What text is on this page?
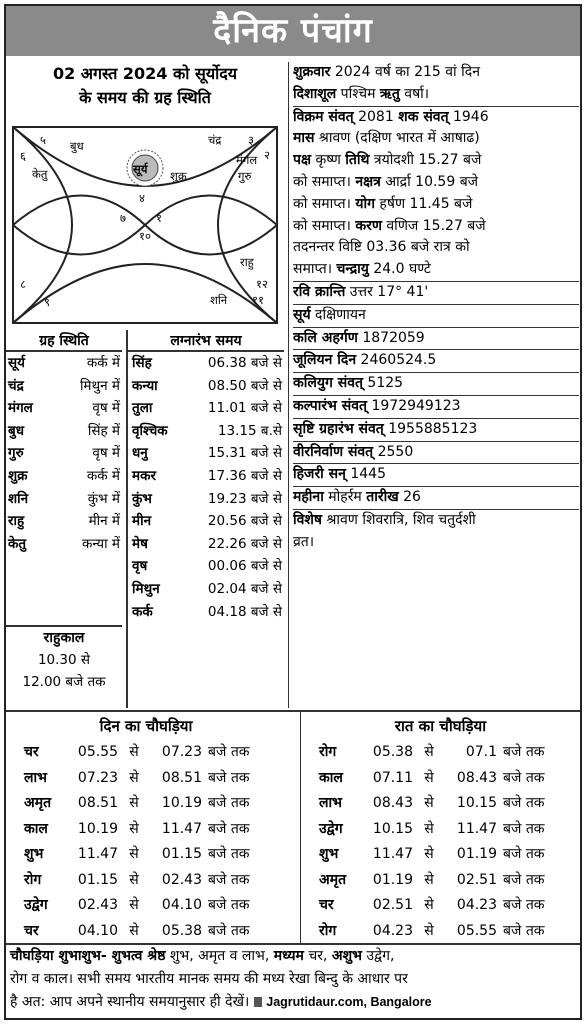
दैनिक पंचांग
02 अगस्त 2024 को सूर्योदय
के समय की ग्रह स्थिति
४
३
२
१
१२
११
१०
९
८
७
६
५	चंद्र
शुक्र
मंगल
गुरु
बुध
केतु
राहु
शनि
सूर्य
ग्रह स्थिति
सूर्य	कर्क में
चंद्र	मिथुन में
मंगल	वृष में
बुध	सिंह में
गुरु	वृष में
शुक्र	कर्क में
शनि	कुंभ में
राहु	मीन में
केतु	कन्या में
राहुकाल
10.30 से
12.00 बजे तक
लग्नारंभ समय
सिंह	06.38 बजे से
कन्या	08.50 बजे से
तुला	11.01 बजे से
वृश्चिक	13.15 ब.से
धनु	15.31 बजे से
मकर	17.36 बजे से
कुंभ	19.23 बजे से
मीन	20.56 बजे से
मेष	22.26 बजे से
वृष	00.06 बजे से
मिथुन	02.04 बजे से
कर्क	04.18 बजे से
शुक्रवार 2024 वर्ष का 215 वां दिन
दिशाशूल पश्चिम ऋतु वर्षा।
विक्रम संवत् 2081 शक संवत् 1946
मास श्रावण (दक्षिण भारत में आषाढ)
पक्ष कृष्ण तिथि त्रयोदशी 15.27 बजे
को समाप्त। नक्षत्र आर्द्रा 10.59 बजे
को समाप्त। योग हर्षण 11.45 बजे
को समाप्त। करण वणिज 15.27 बजे
तदनन्तर विष्टि 03.36 बजे रात्र को
समाप्त। चन्द्रायु 24.0 घण्टे
रवि क्रान्ति उत्तर 17° 41'
सूर्य दक्षिणायन
कलि अहर्गण 1872059
जूलियन दिन 2460524.5
कलियुग संवत् 5125
कल्पारंभ संवत् 1972949123
सृष्टि ग्रहारंभ संवत् 1955885123
वीरनिर्वाण संवत् 2550
हिजरी सन् 1445
महीना मोहर्रम तारीख 26
विशेष श्रावण शिवरात्रि, शिव चतुर्दशी
व्रत।
दिन का चौघड़िया
चर	05.55 से	07.23 बजे तक
लाभ	07.23 से	08.51 बजे तक
अमृत	08.51 से	10.19 बजे तक
काल	10.19 से	11.47 बजे तक
शुभ	11.47 से	01.15 बजे तक
रोग	01.15 से	02.43 बजे तक
उद्वेग	02.43 से	04.10 बजे तक
चर	04.10 से	05.38 बजे तक
रात का चौघड़िया
रोग	05.38 से	07.1 बजे तक
काल	07.11 से	08.43 बजे तक
लाभ	08.43 से	10.15 बजे तक
उद्वेग	10.15 से	11.47 बजे तक
शुभ	11.47 से	01.19 बजे तक
अमृत	01.19 से	02.51 बजे तक
चर	02.51 से	04.23 बजे तक
रोग	04.23 से	05.55 बजे तक
चौघड़िया शुभाशुभ- शुभत्व श्रेष्ठ शुभ, अमृत व लाभ, मध्यम चर, अशुभ उद्वेग,
रोग व काल। सभी समय भारतीय मानक समय की मध्य रेखा बिन्दु के आधार पर
है अत: आप अपने स्थानीय समयानुसार ही देखें। Jagrutidaur.com, Bangalore
